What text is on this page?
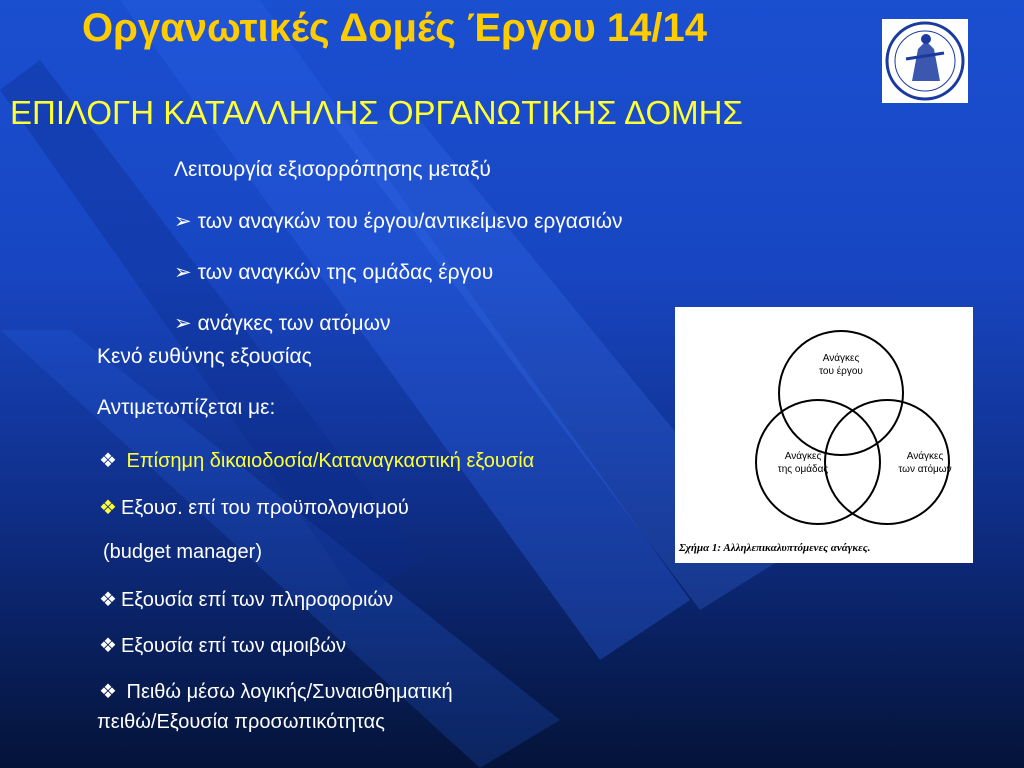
Οργανωτικές Δομές Έργου 14/14
ΕΠΙΛΟΓΗ ΚΑΤΑΛΛΗΛΗΣ ΟΡΓΑΝΩΤΙΚΗΣ ΔΟΜΗΣ
Λειτουργία εξισορρόπησης μεταξύ
➢ των αναγκών του έργου/αντικείμενο εργασιών
➢ των αναγκών της ομάδας έργου
➢ ανάγκες των ατόμων
Κενό ευθύνης εξουσίας
Αντιμετωπίζεται με:
❖ Επίσημη δικαιοδοσία/Καταναγκαστική εξουσία
❖ Εξουσ. επί του προϋπολογισμού
(budget manager)
❖ Εξουσία επί των πληροφοριών
❖ Εξουσία επί των αμοιβών
❖ Πειθώ μέσω λογικής/Συναισθηματική
πειθώ/Εξουσία προσωπικότητας
Ανάγκες
του έργου
Ανάγκες
της ομάδας
Ανάγκες
των ατόμων
Σχήμα 1: Αλληλεπικαλυπτόμενες ανάγκες.
